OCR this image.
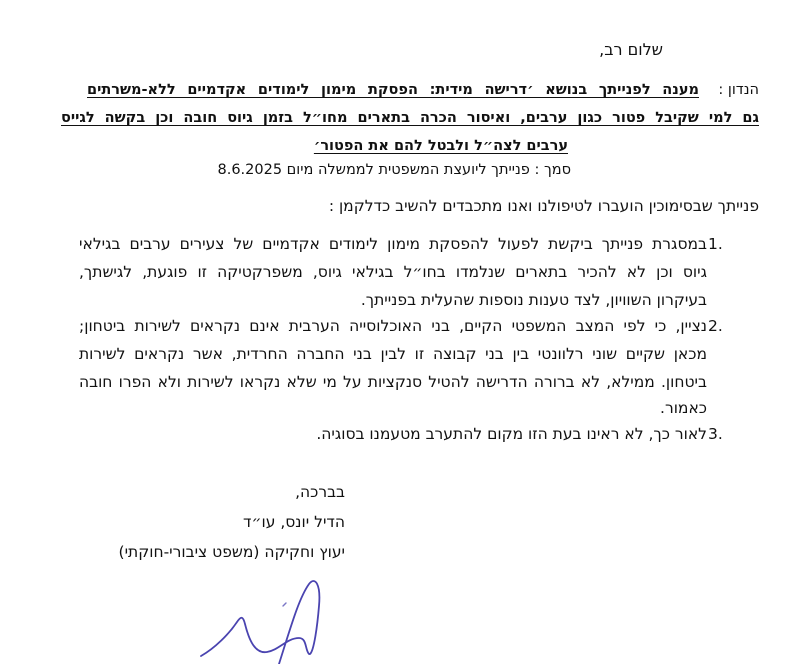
שלום רב,
הנדון :
מענה לפנייתך בנושא ׳דרישה מידית: הפסקת מימון לימודים אקדמיים ללא-משרתים
גם למי שקיבל פטור כגון ערבים, ואיסור הכרה בתארים מחו״ל בזמן גיוס חובה וכן בקשה לגייס
ערבים לצה״ל ולבטל להם את הפטור׳
סמך : פנייתך ליועצת המשפטית לממשלה מיום 8.6.2025
פנייתך שבסימוכין הועברו לטיפולנו ואנו מתכבדים להשיב כדלקמן :
1.
במסגרת פנייתך ביקשת לפעול להפסקת מימון לימודים אקדמיים של צעירים ערבים בגילאי
גיוס וכן לא להכיר בתארים שנלמדו בחו״ל בגילאי גיוס, משפרקטיקה זו פוגעת, לגישתך,
בעיקרון השוויון, לצד טענות נוספות שהעלית בפנייתך.
2.
נציין, כי לפי המצב המשפטי הקיים, בני האוכלוסייה הערבית אינם נקראים לשירות ביטחון;
מכאן שקיים שוני רלוונטי בין בני קבוצה זו לבין בני החברה החרדית, אשר נקראים לשירות
ביטחון. ממילא, לא ברורה הדרישה להטיל סנקציות על מי שלא נקראו לשירות ולא הפרו חובה
כאמור.
3.
לאור כך, לא ראינו בעת הזו מקום להתערב מטעמנו בסוגיה.
בברכה,
הדיל יונס, עו״ד
יעוץ וחקיקה (משפט ציבורי-חוקתי)
